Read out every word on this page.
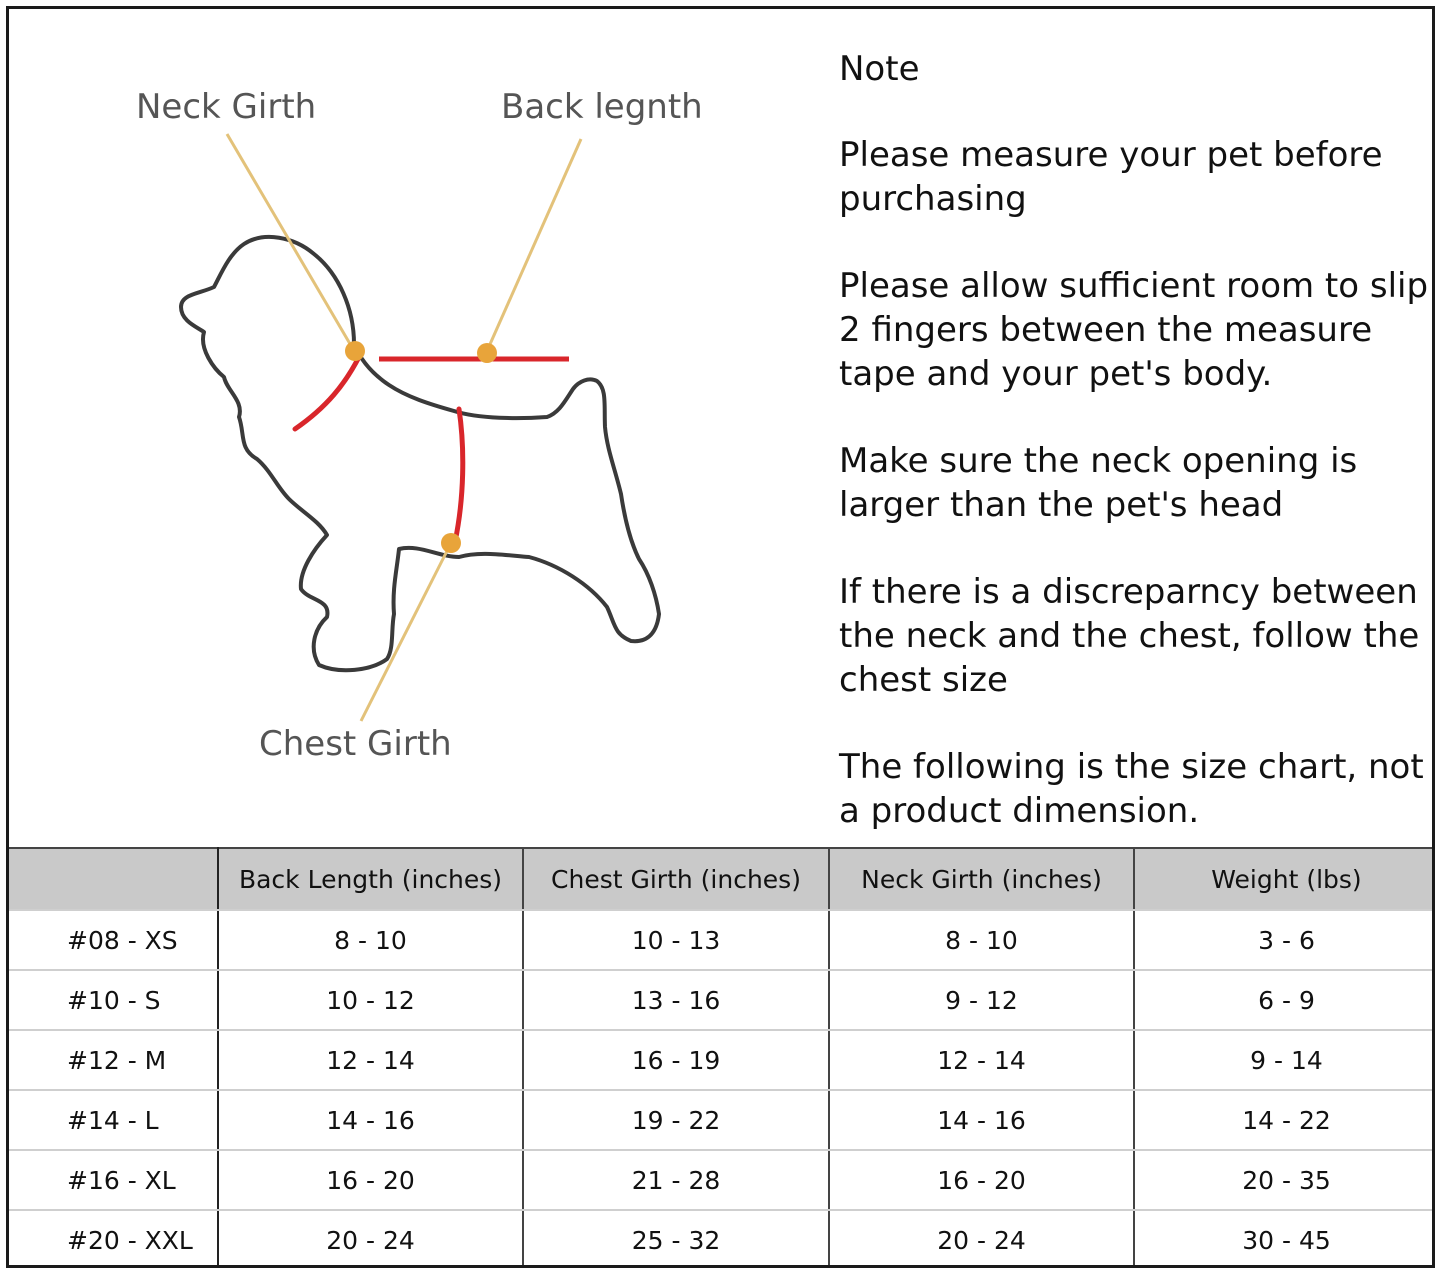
Neck Girth	Back legnth
Chest Girth

Note

Please measure your pet before purchasing

Please allow sufficient room to slip 2 fingers between the measure tape and your pet's body.

Make sure the neck opening is larger than the pet's head

If there is a discreparncy between the neck and the chest, follow the chest size

The following is the size chart, not a product dimension.

	Back Length (inches)	Chest Girth (inches)	Neck Girth (inches)	Weight (lbs)
#08 - XS	8 - 10	10 - 13	8 - 10	3 - 6
#10 - S	10 - 12	13 - 16	9 - 12	6 - 9
#12 - M	12 - 14	16 - 19	12 - 14	9 - 14
#14 - L	14 - 16	19 - 22	14 - 16	14 - 22
#16 - XL	16 - 20	21 - 28	16 - 20	20 - 35
#20 - XXL	20 - 24	25 - 32	20 - 24	30 - 45
